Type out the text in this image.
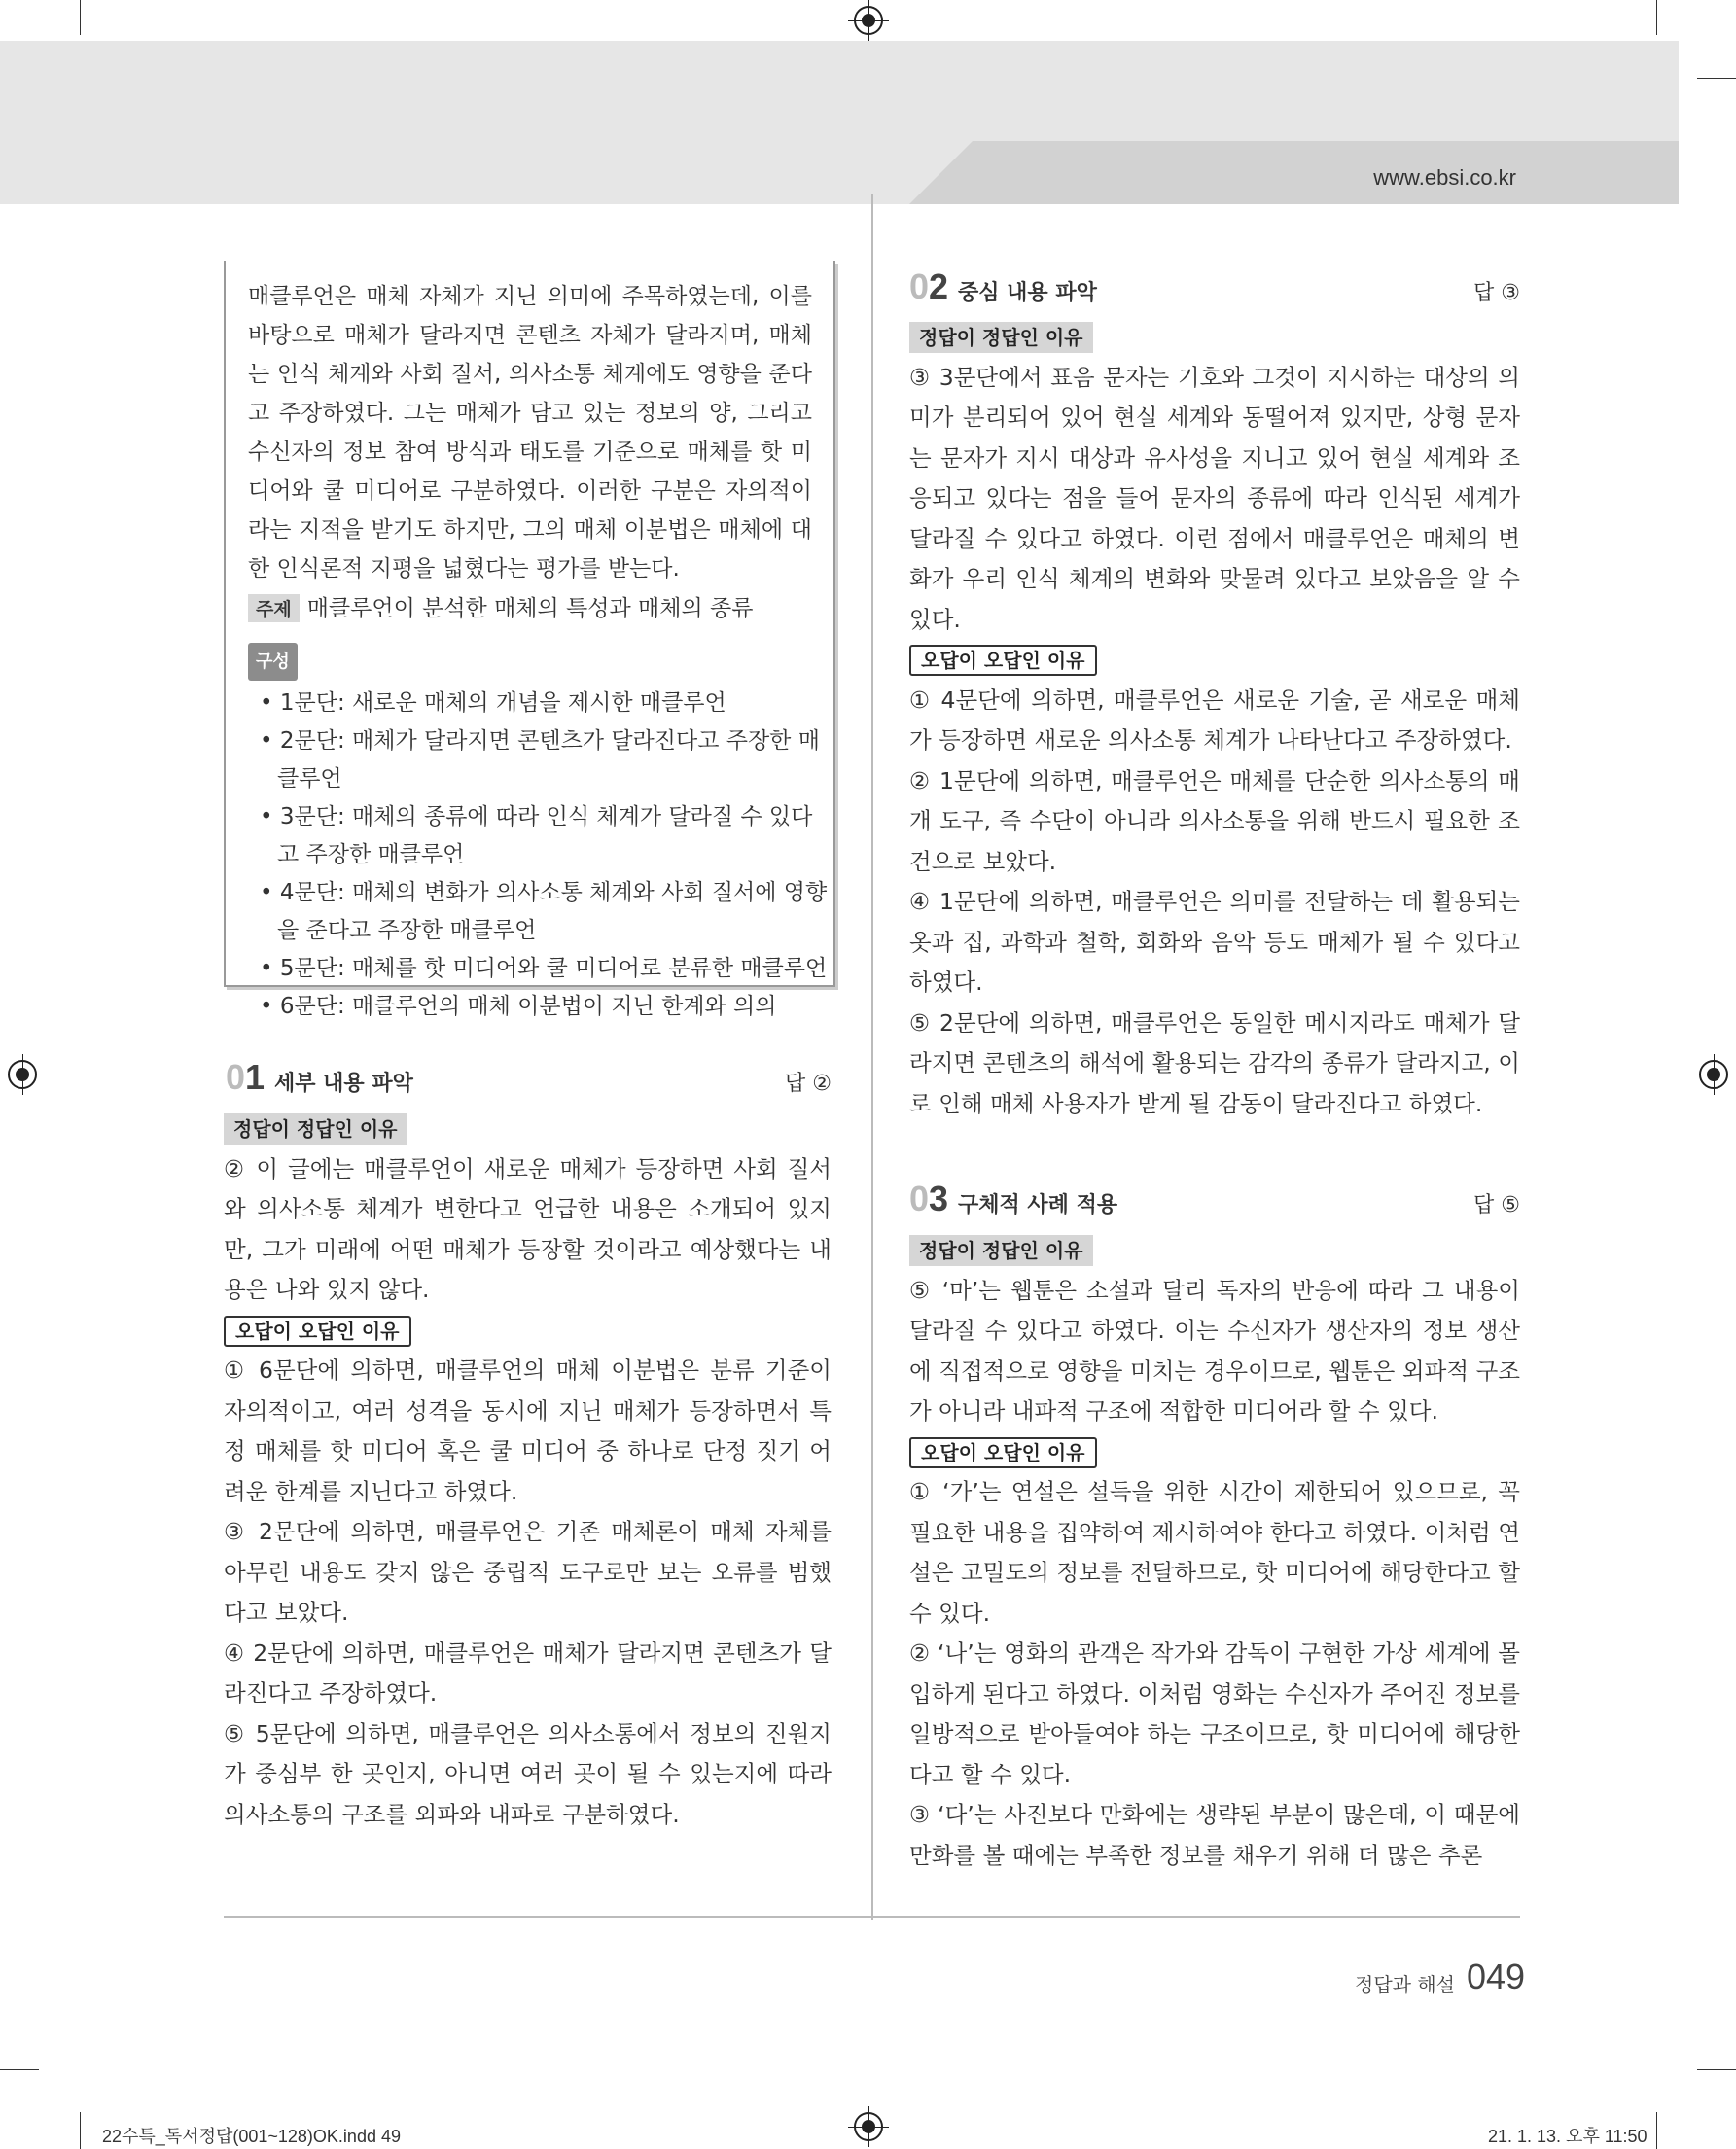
www.ebsi.co.kr
매클루언은 매체 자체가 지닌 의미에 주목하였는데, 이를 바탕으로 매체가 달라지면 콘텐츠 자체가 달라지며, 매체는 인식 체계와 사회 질서, 의사소통 체계에도 영향을 준다고 주장하였다. 그는 매체가 담고 있는 정보의 양, 그리고 수신자의 정보 참여 방식과 태도를 기준으로 매체를 핫 미디어와 쿨 미디어로 구분하였다. 이러한 구분은 자의적이라는 지적을 받기도 하지만, 그의 매체 이분법은 매체에 대한 인식론적 지평을 넓혔다는 평가를 받는다.
주제 매클루언이 분석한 매체의 특성과 매체의 종류
구성
• 1문단: 새로운 매체의 개념을 제시한 매클루언
• 2문단: 매체가 달라지면 콘텐츠가 달라진다고 주장한 매클루언
• 3문단: 매체의 종류에 따라 인식 체계가 달라질 수 있다고 주장한 매클루언
• 4문단: 매체의 변화가 의사소통 체계와 사회 질서에 영향을 준다고 주장한 매클루언
• 5문단: 매체를 핫 미디어와 쿨 미디어로 분류한 매클루언
• 6문단: 매클루언의 매체 이분법이 지닌 한계와 의의
01 세부 내용 파악	답 ②
정답이 정답인 이유

② 이 글에는 매클루언이 새로운 매체가 등장하면 사회 질서와 의사소통 체계가 변한다고 언급한 내용은 소개되어 있지만, 그가 미래에 어떤 매체가 등장할 것이라고 예상했다는 내용은 나와 있지 않다.

오답이 오답인 이유

① 6문단에 의하면, 매클루언의 매체 이분법은 분류 기준이 자의적이고, 여러 성격을 동시에 지닌 매체가 등장하면서 특정 매체를 핫 미디어 혹은 쿨 미디어 중 하나로 단정 짓기 어려운 한계를 지닌다고 하였다.

③ 2문단에 의하면, 매클루언은 기존 매체론이 매체 자체를 아무런 내용도 갖지 않은 중립적 도구로만 보는 오류를 범했다고 보았다.

④ 2문단에 의하면, 매클루언은 매체가 달라지면 콘텐츠가 달라진다고 주장하였다.

⑤ 5문단에 의하면, 매클루언은 의사소통에서 정보의 진원지가 중심부 한 곳인지, 아니면 여러 곳이 될 수 있는지에 따라 의사소통의 구조를 외파와 내파로 구분하였다.

02 중심 내용 파악	답 ③
정답이 정답인 이유

③ 3문단에서 표음 문자는 기호와 그것이 지시하는 대상의 의미가 분리되어 있어 현실 세계와 동떨어져 있지만, 상형 문자는 문자가 지시 대상과 유사성을 지니고 있어 현실 세계와 조응되고 있다는 점을 들어 문자의 종류에 따라 인식된 세계가 달라질 수 있다고 하였다. 이런 점에서 매클루언은 매체의 변화가 우리 인식 체계의 변화와 맞물려 있다고 보았음을 알 수 있다.

오답이 오답인 이유

① 4문단에 의하면, 매클루언은 새로운 기술, 곧 새로운 매체가 등장하면 새로운 의사소통 체계가 나타난다고 주장하였다.

② 1문단에 의하면, 매클루언은 매체를 단순한 의사소통의 매개 도구, 즉 수단이 아니라 의사소통을 위해 반드시 필요한 조건으로 보았다.

④ 1문단에 의하면, 매클루언은 의미를 전달하는 데 활용되는 옷과 집, 과학과 철학, 회화와 음악 등도 매체가 될 수 있다고 하였다.

⑤ 2문단에 의하면, 매클루언은 동일한 메시지라도 매체가 달라지면 콘텐츠의 해석에 활용되는 감각의 종류가 달라지고, 이로 인해 매체 사용자가 받게 될 감동이 달라진다고 하였다.

03 구체적 사례 적용	답 ⑤
정답이 정답인 이유

⑤ ‘마’는 웹툰은 소설과 달리 독자의 반응에 따라 그 내용이 달라질 수 있다고 하였다. 이는 수신자가 생산자의 정보 생산에 직접적으로 영향을 미치는 경우이므로, 웹툰은 외파적 구조가 아니라 내파적 구조에 적합한 미디어라 할 수 있다.

오답이 오답인 이유

① ‘가’는 연설은 설득을 위한 시간이 제한되어 있으므로, 꼭 필요한 내용을 집약하여 제시하여야 한다고 하였다. 이처럼 연설은 고밀도의 정보를 전달하므로, 핫 미디어에 해당한다고 할 수 있다.

② ‘나’는 영화의 관객은 작가와 감독이 구현한 가상 세계에 몰입하게 된다고 하였다. 이처럼 영화는 수신자가 주어진 정보를 일방적으로 받아들여야 하는 구조이므로, 핫 미디어에 해당한다고 할 수 있다.

③ ‘다’는 사진보다 만화에는 생략된 부분이 많은데, 이 때문에 만화를 볼 때에는 부족한 정보를 채우기 위해 더 많은 추론

정답과 해설 049
22수특_독서정답(001~128)OK.indd 49	21. 1. 13. 오후 11:50
